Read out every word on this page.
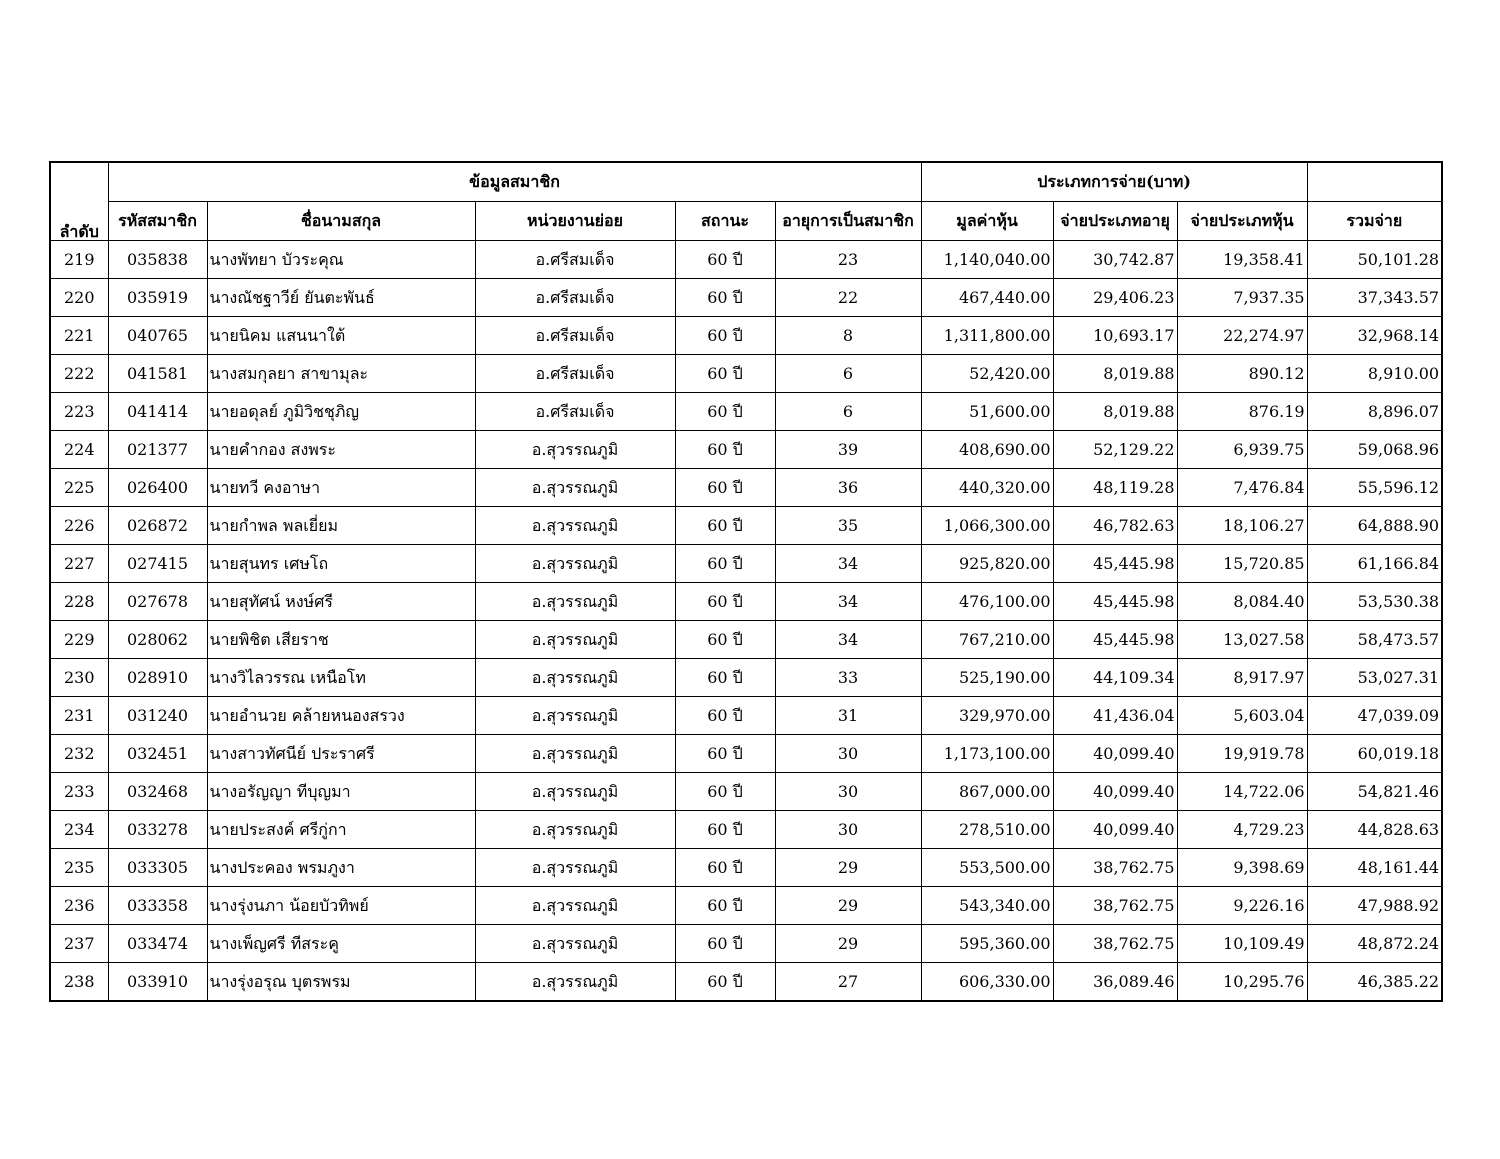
ลำดับ	ข้อมูลสมาชิก					ประเภทการจ่าย(บาท)			
	รหัสสมาชิก	ชื่อนามสกุล	หน่วยงานย่อย	สถานะ	อายุการเป็นสมาชิก	มูลค่าหุ้น	จ่ายประเภทอายุ	จ่ายประเภทหุ้น	รวมจ่าย
219	035838	นางพัทยา บัวระคุณ	อ.ศรีสมเด็จ	60 ปี	23	1,140,040.00	30,742.87	19,358.41	50,101.28
220	035919	นางณัชฐาวีย์ ยันตะพันธ์	อ.ศรีสมเด็จ	60 ปี	22	467,440.00	29,406.23	7,937.35	37,343.57
221	040765	นายนิคม แสนนาใต้	อ.ศรีสมเด็จ	60 ปี	8	1,311,800.00	10,693.17	22,274.97	32,968.14
222	041581	นางสมกุลยา สาขามุละ	อ.ศรีสมเด็จ	60 ปี	6	52,420.00	8,019.88	890.12	8,910.00
223	041414	นายอดุลย์ ภูมิวิชชุภิญ	อ.ศรีสมเด็จ	60 ปี	6	51,600.00	8,019.88	876.19	8,896.07
224	021377	นายคำกอง สงพระ	อ.สุวรรณภูมิ	60 ปี	39	408,690.00	52,129.22	6,939.75	59,068.96
225	026400	นายทวี คงอาษา	อ.สุวรรณภูมิ	60 ปี	36	440,320.00	48,119.28	7,476.84	55,596.12
226	026872	นายกำพล พลเยี่ยม	อ.สุวรรณภูมิ	60 ปี	35	1,066,300.00	46,782.63	18,106.27	64,888.90
227	027415	นายสุนทร เศษโถ	อ.สุวรรณภูมิ	60 ปี	34	925,820.00	45,445.98	15,720.85	61,166.84
228	027678	นายสุทัศน์ หงษ์ศรี	อ.สุวรรณภูมิ	60 ปี	34	476,100.00	45,445.98	8,084.40	53,530.38
229	028062	นายพิชิต เสียราช	อ.สุวรรณภูมิ	60 ปี	34	767,210.00	45,445.98	13,027.58	58,473.57
230	028910	นางวิไลวรรณ เหนือโท	อ.สุวรรณภูมิ	60 ปี	33	525,190.00	44,109.34	8,917.97	53,027.31
231	031240	นายอำนวย คล้ายหนองสรวง	อ.สุวรรณภูมิ	60 ปี	31	329,970.00	41,436.04	5,603.04	47,039.09
232	032451	นางสาวทัศนีย์ ประราศรี	อ.สุวรรณภูมิ	60 ปี	30	1,173,100.00	40,099.40	19,919.78	60,019.18
233	032468	นางอรัญญา ทีบุญมา	อ.สุวรรณภูมิ	60 ปี	30	867,000.00	40,099.40	14,722.06	54,821.46
234	033278	นายประสงค์ ศรีกู่กา	อ.สุวรรณภูมิ	60 ปี	30	278,510.00	40,099.40	4,729.23	44,828.63
235	033305	นางประคอง พรมภูงา	อ.สุวรรณภูมิ	60 ปี	29	553,500.00	38,762.75	9,398.69	48,161.44
236	033358	นางรุ่งนภา น้อยบัวทิพย์	อ.สุวรรณภูมิ	60 ปี	29	543,340.00	38,762.75	9,226.16	47,988.92
237	033474	นางเพ็ญศรี ทีสระคู	อ.สุวรรณภูมิ	60 ปี	29	595,360.00	38,762.75	10,109.49	48,872.24
238	033910	นางรุ่งอรุณ บุตรพรม	อ.สุวรรณภูมิ	60 ปี	27	606,330.00	36,089.46	10,295.76	46,385.22
